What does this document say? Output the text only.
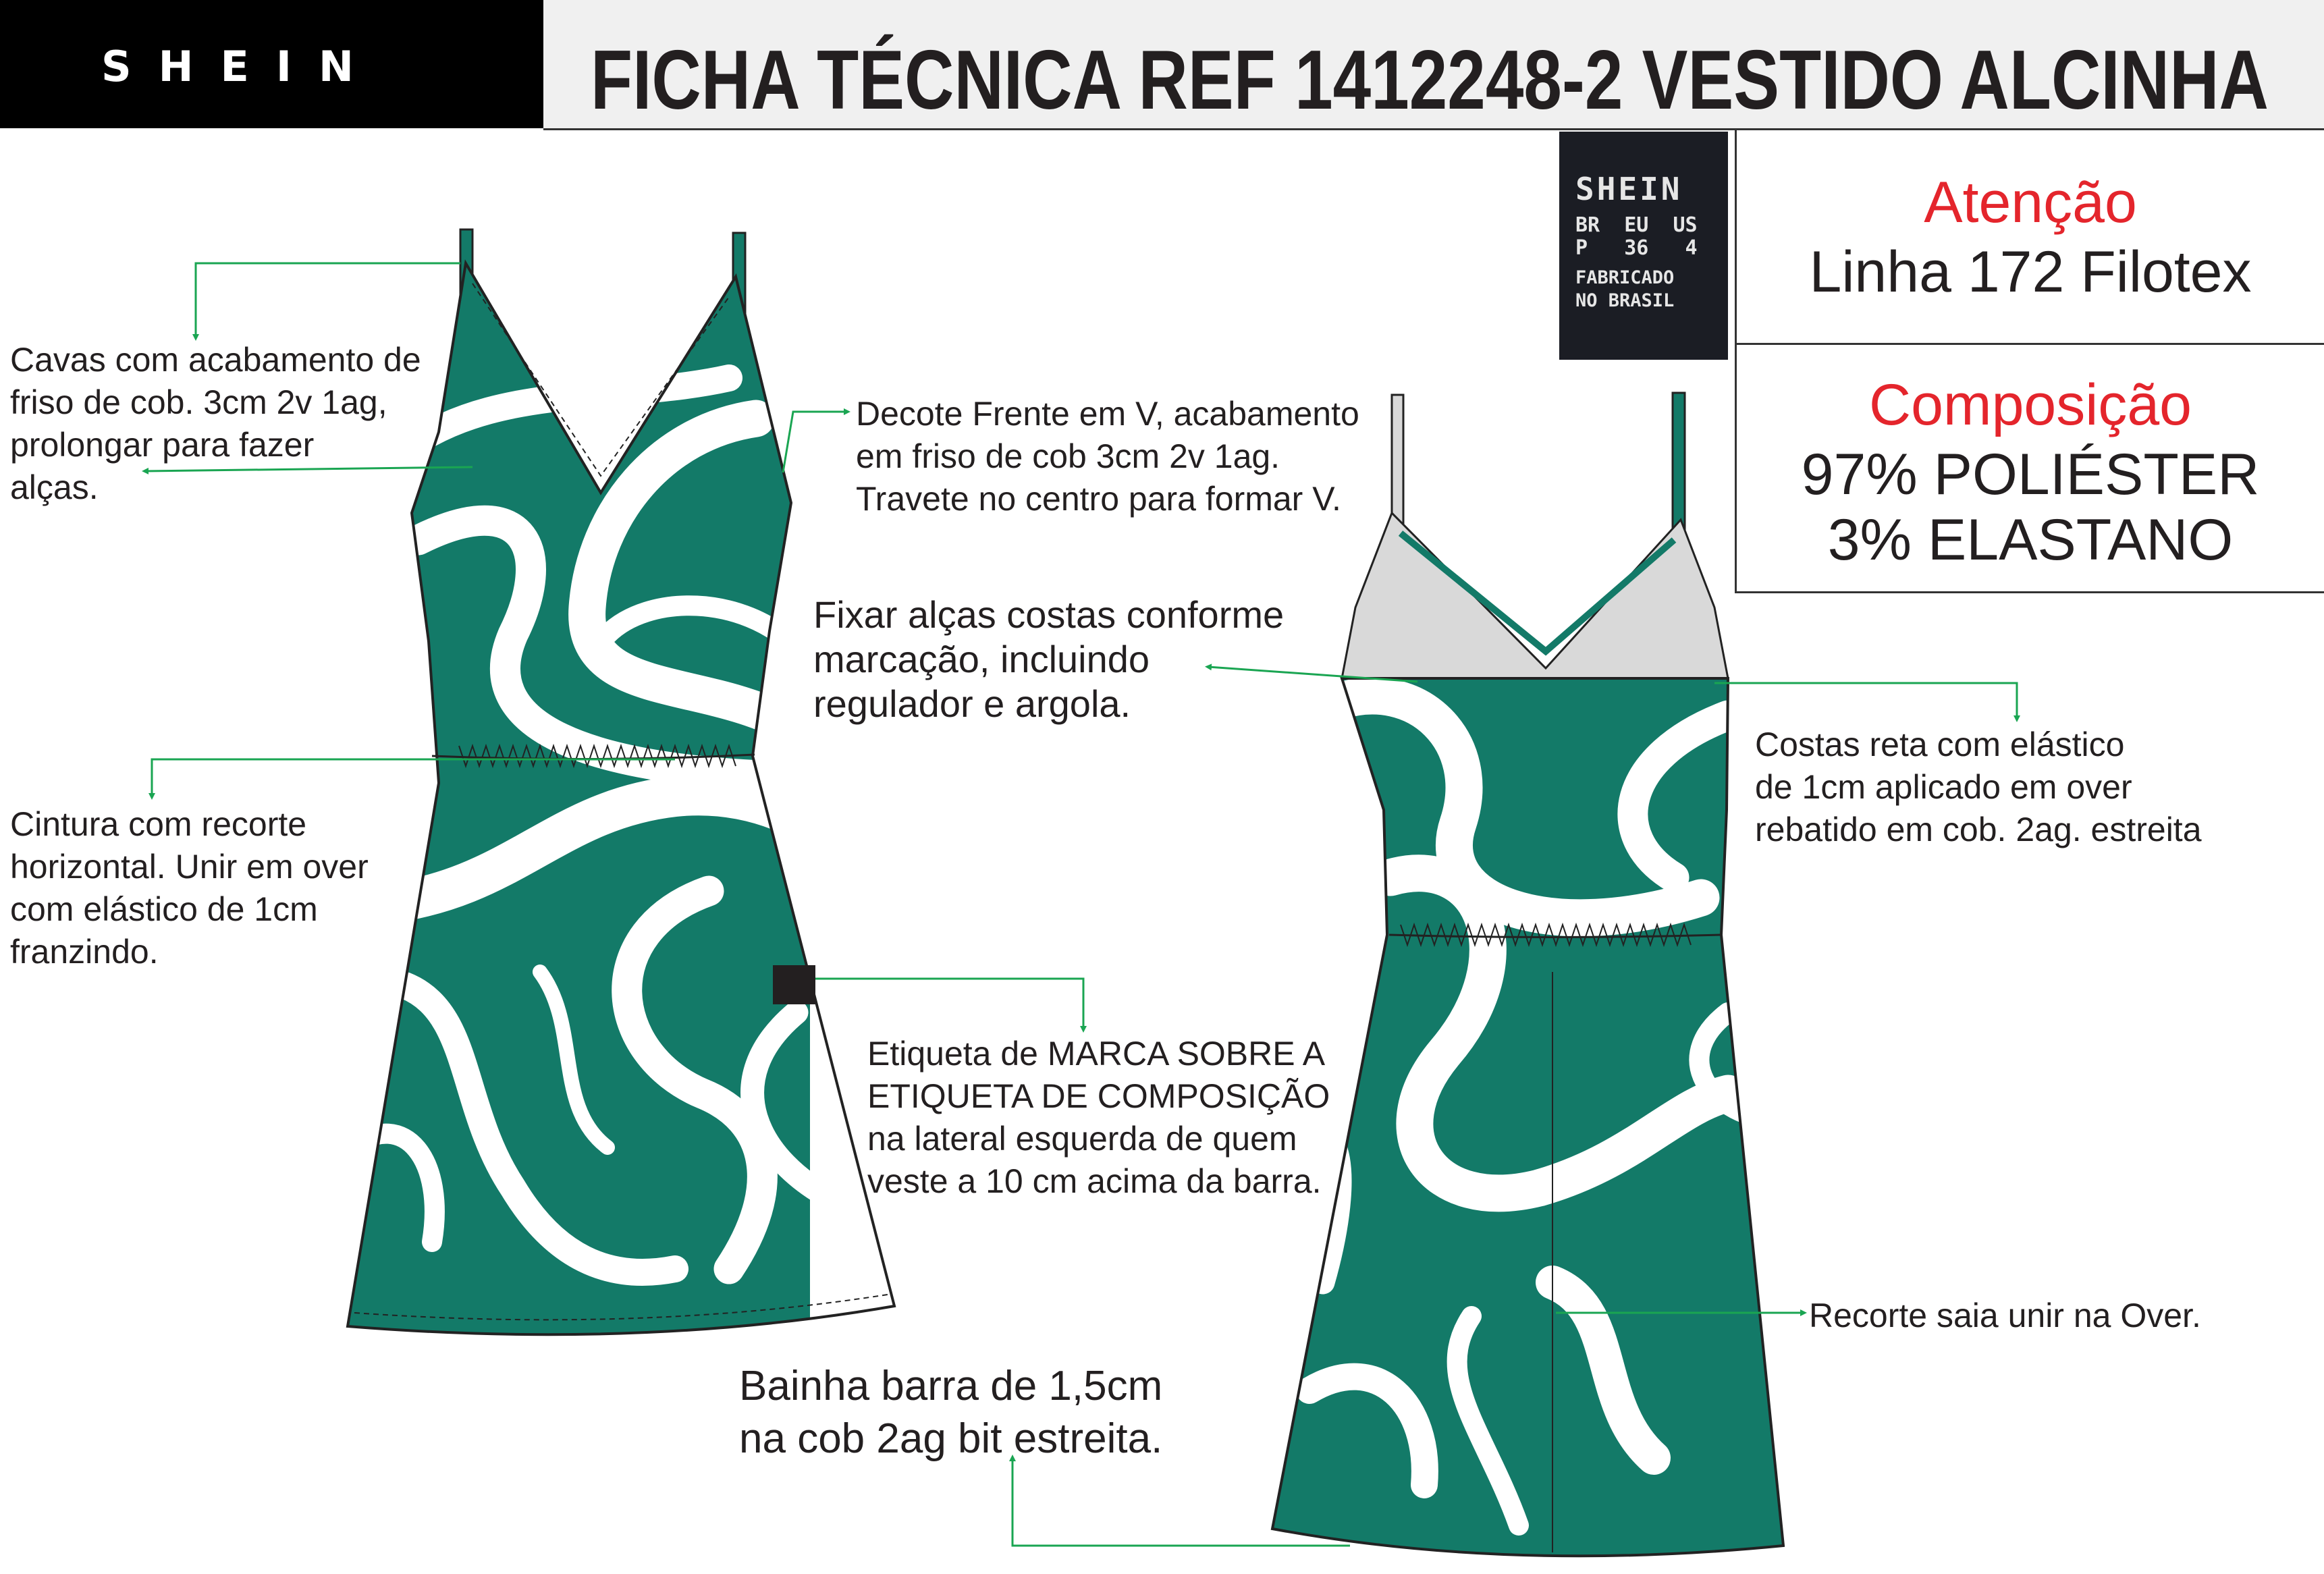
SHEIN	FICHA TÉCNICA REF 1412248-2 VESTIDO ALCINHA
SHEIN
BR  EU  US
P   36   4
FABRICADO
NO BRASIL
Atenção
Linha 172 Filotex
Composição
97% POLIÉSTER
3% ELASTANO
Cavas com acabamento de
friso de cob. 3cm 2v 1ag,
prolongar para fazer
alças.
Decote Frente em V, acabamento
em friso de cob 3cm 2v 1ag.
Travete no centro para formar V.
Fixar alças costas conforme
marcação, incluindo
regulador e argola.
Costas reta com elástico
de 1cm aplicado em over
rebatido em cob. 2ag. estreita
Cintura com recorte
horizontal. Unir em over
com elástico de 1cm
franzindo.
Etiqueta de MARCA SOBRE A
ETIQUETA DE COMPOSIÇÃO
na lateral esquerda de quem
veste a 10 cm acima da barra.
Recorte saia unir na Over.
Bainha barra de 1,5cm
na cob 2ag bit estreita.
